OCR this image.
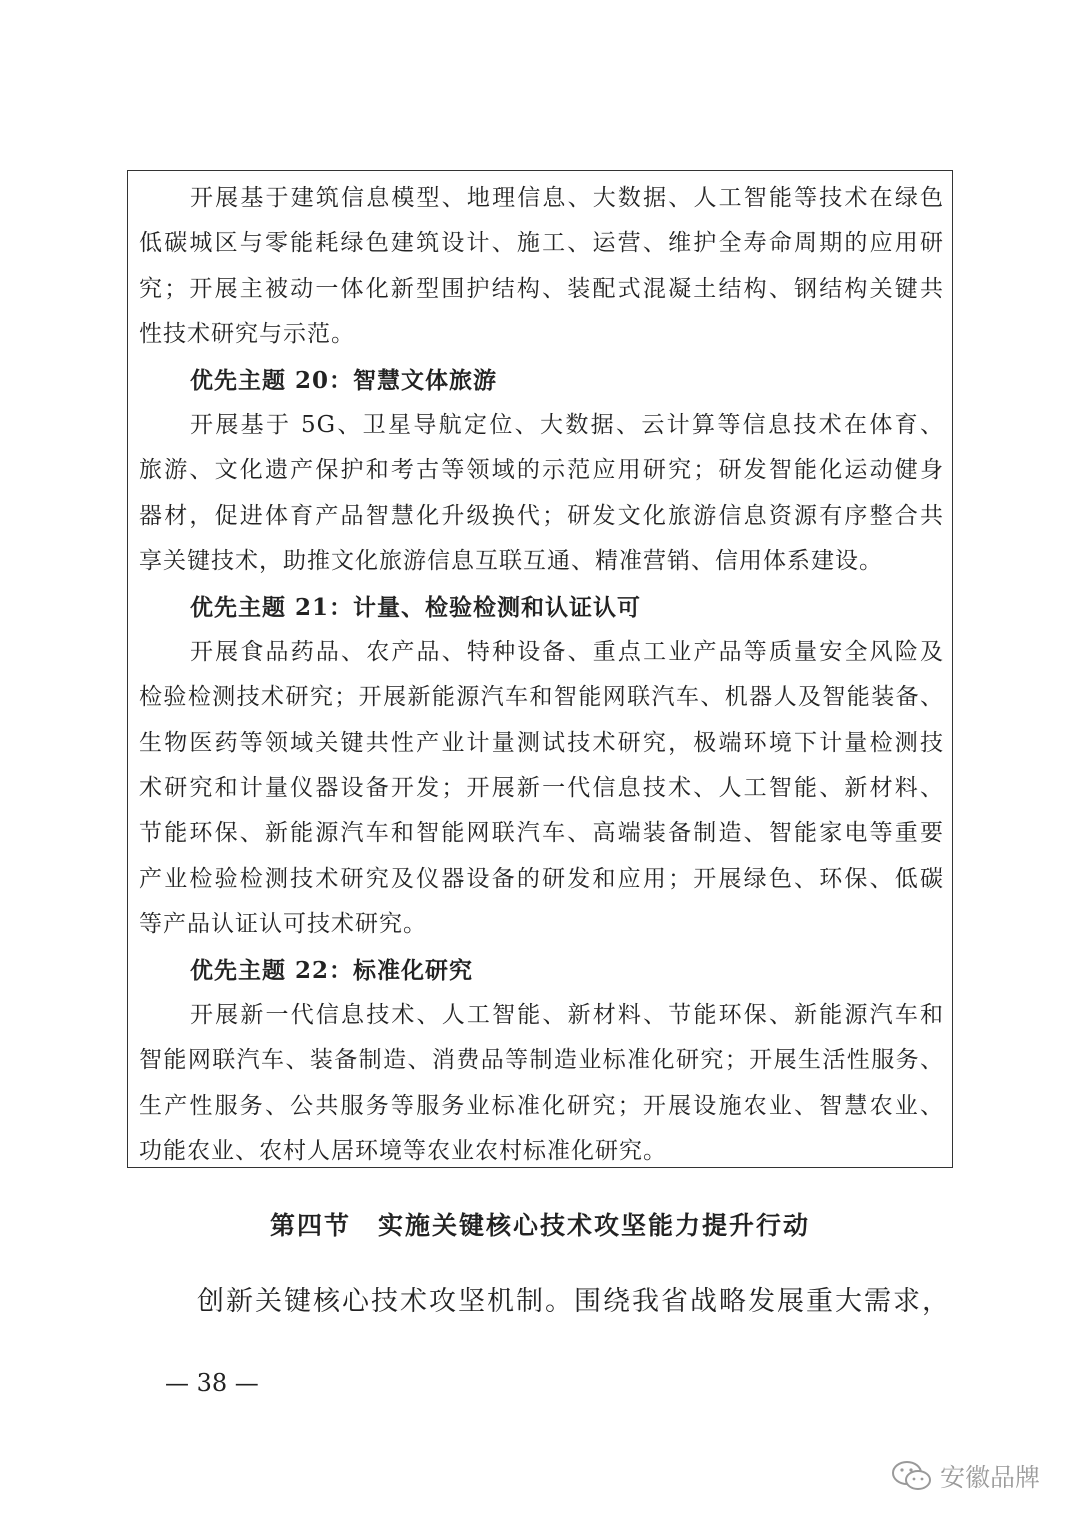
开展基于建筑信息模型、地理信息、大数据、人工智能等技术在绿色
低碳城区与零能耗绿色建筑设计、施工、运营、维护全寿命周期的应用研
究；开展主被动一体化新型围护结构、装配式混凝土结构、钢结构关键共
性技术研究与示范。
优先主题 20：智慧文体旅游
开展基于 5G、卫星导航定位、大数据、云计算等信息技术在体育、
旅游、文化遗产保护和考古等领域的示范应用研究；研发智能化运动健身
器材，促进体育产品智慧化升级换代；研发文化旅游信息资源有序整合共
享关键技术，助推文化旅游信息互联互通、精准营销、信用体系建设。
优先主题 21：计量、检验检测和认证认可
开展食品药品、农产品、特种设备、重点工业产品等质量安全风险及
检验检测技术研究；开展新能源汽车和智能网联汽车、机器人及智能装备、
生物医药等领域关键共性产业计量测试技术研究，极端环境下计量检测技
术研究和计量仪器设备开发；开展新一代信息技术、人工智能、新材料、
节能环保、新能源汽车和智能网联汽车、高端装备制造、智能家电等重要
产业检验检测技术研究及仪器设备的研发和应用；开展绿色、环保、低碳
等产品认证认可技术研究。
优先主题 22：标准化研究
开展新一代信息技术、人工智能、新材料、节能环保、新能源汽车和
智能网联汽车、装备制造、消费品等制造业标准化研究；开展生活性服务、
生产性服务、公共服务等服务业标准化研究；开展设施农业、智慧农业、
功能农业、农村人居环境等农业农村标准化研究。
第四节　实施关键核心技术攻坚能力提升行动
创新关键核心技术攻坚机制。围绕我省战略发展重大需求，
— 38 —
安徽品牌
